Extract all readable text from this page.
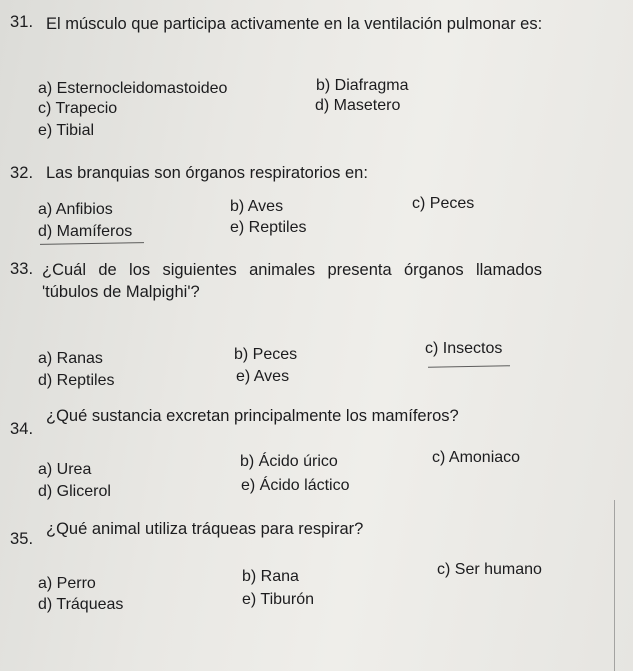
31. El músculo que participa activamente en la ventilación pulmonar es:
a) Esternocleidomastoideo	b) Diafragma
c) Trapecio	d) Masetero
e) Tibial
32. Las branquias son órganos respiratorios en:
a) Anfibios	b) Aves	c) Peces
d) Mamíferos	e) Reptiles
33. ¿Cuál de los siguientes animales presenta órganos llamados 'túbulos de Malpighi'?
a) Ranas	b) Peces	c) Insectos
d) Reptiles	e) Aves
34.
¿Qué sustancia excretan principalmente los mamíferos?
a) Urea	b) Ácido úrico	c) Amoniaco
d) Glicerol	e) Ácido láctico
35.
¿Qué animal utiliza tráqueas para respirar?
a) Perro	b) Rana	c) Ser humano
d) Tráqueas	e) Tiburón
